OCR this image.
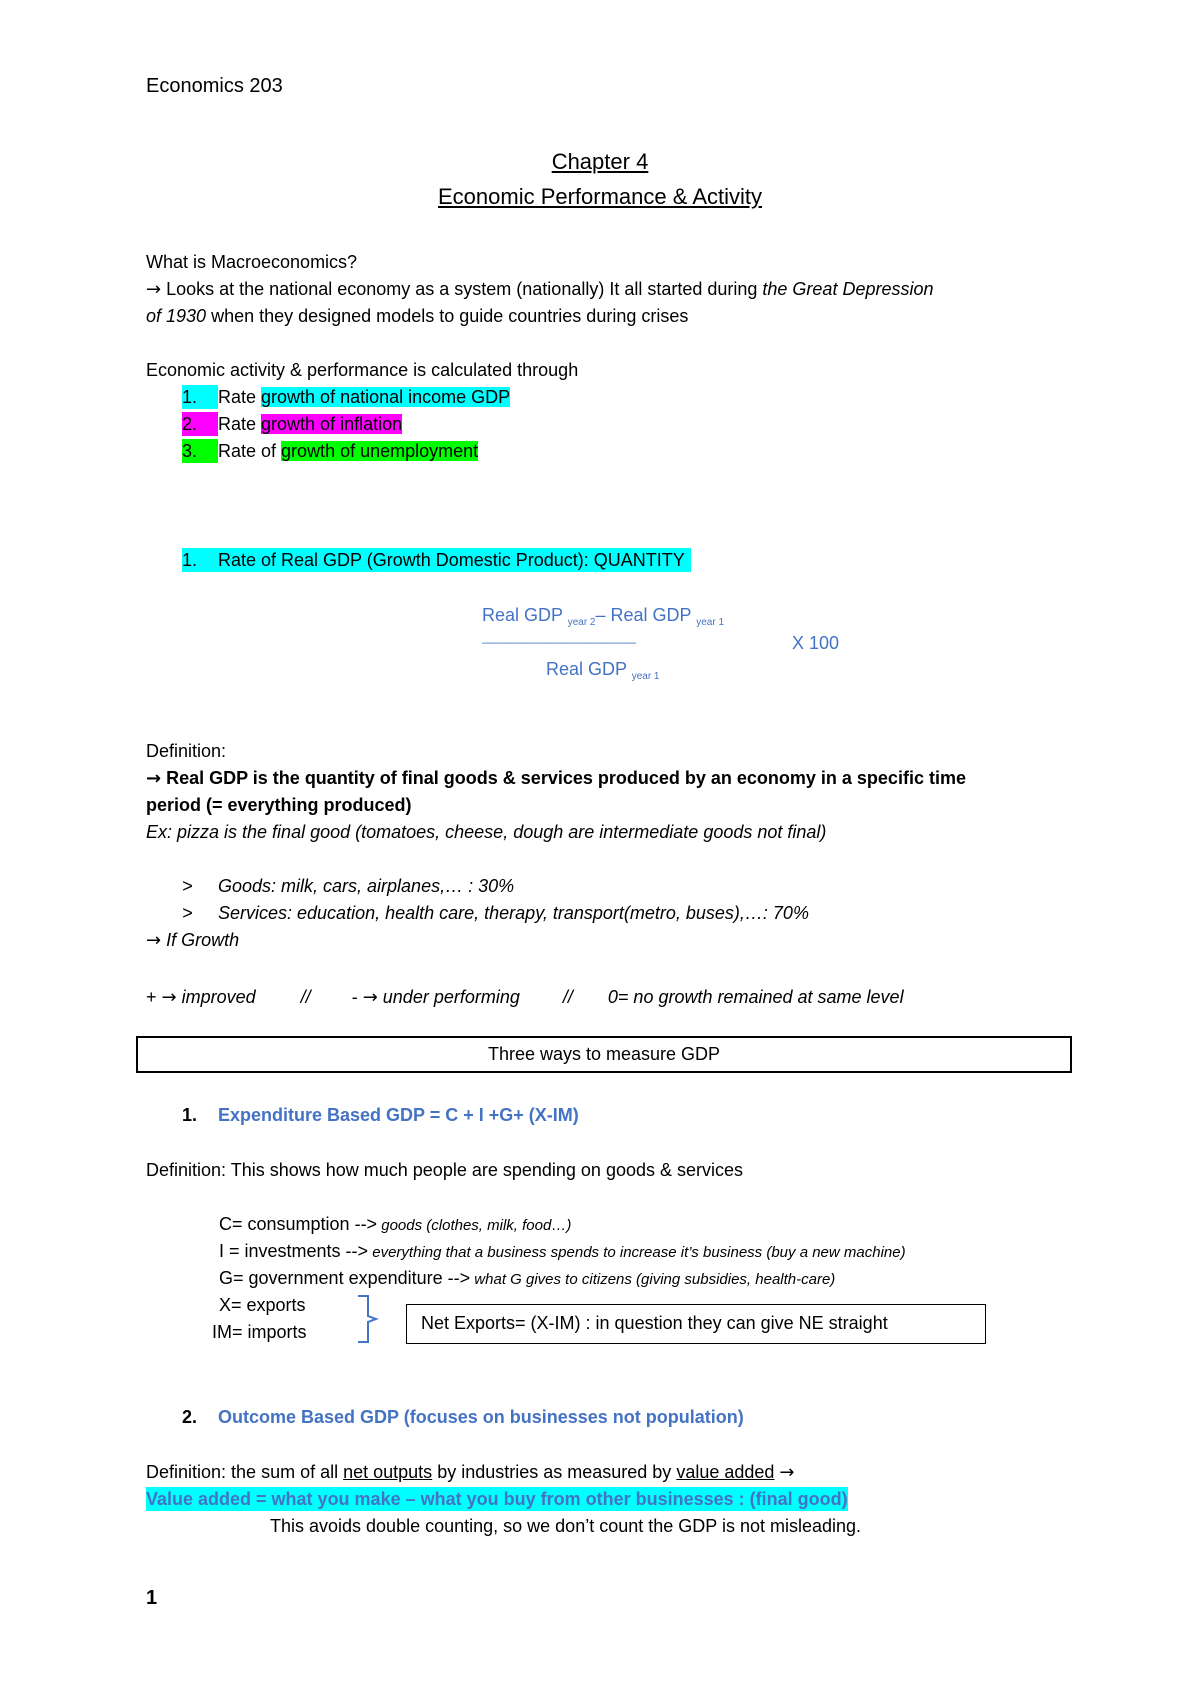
Economics 203
Chapter 4
Economic Performance & Activity
What is Macroeconomics?
→ Looks at the national economy as a system (nationally) It all started during the Great Depression
of 1930 when they designed models to guide countries during crises
Economic activity & performance is calculated through
1. Rate growth of national income GDP
2. Rate growth of inflation
3. Rate of growth of unemployment
1. Rate of Real GDP (Growth Domestic Product): QUANTITY
Real GDP $_{year 2}$– Real GDP $_{year 1}$
–––––––––––––––––––––––––––	X 100
Real GDP $_{year 1}$
Definition:
→ Real GDP is the quantity of final goods & services produced by an economy in a specific time
period (= everything produced)
Ex: pizza is the final good (tomatoes, cheese, dough are intermediate goods not final)
> Goods: milk, cars, airplanes,… : 30%
> Services: education, health care, therapy, transport(metro, buses),…: 70%
→ If Growth
+ → improved	// - → under performing // 0= no growth remained at same level
Three ways to measure GDP
1. Expenditure Based GDP = C + I +G+ (X-IM)
Definition: This shows how much people are spending on goods & services
C= consumption --> goods (clothes, milk, food…)
I = investments --> everything that a business spends to increase it’s business (buy a new machine)
G= government expenditure --> what G gives to citizens (giving subsidies, health-care)
X= exports
IM= imports	Net Exports= (X-IM) : in question they can give NE straight
2. Outcome Based GDP (focuses on businesses not population)
Definition: the sum of all net outputs by industries as measured by value added →
Value added = what you make – what you buy from other businesses : (final good)
This avoids double counting, so we don’t count the GDP is not misleading.
1
